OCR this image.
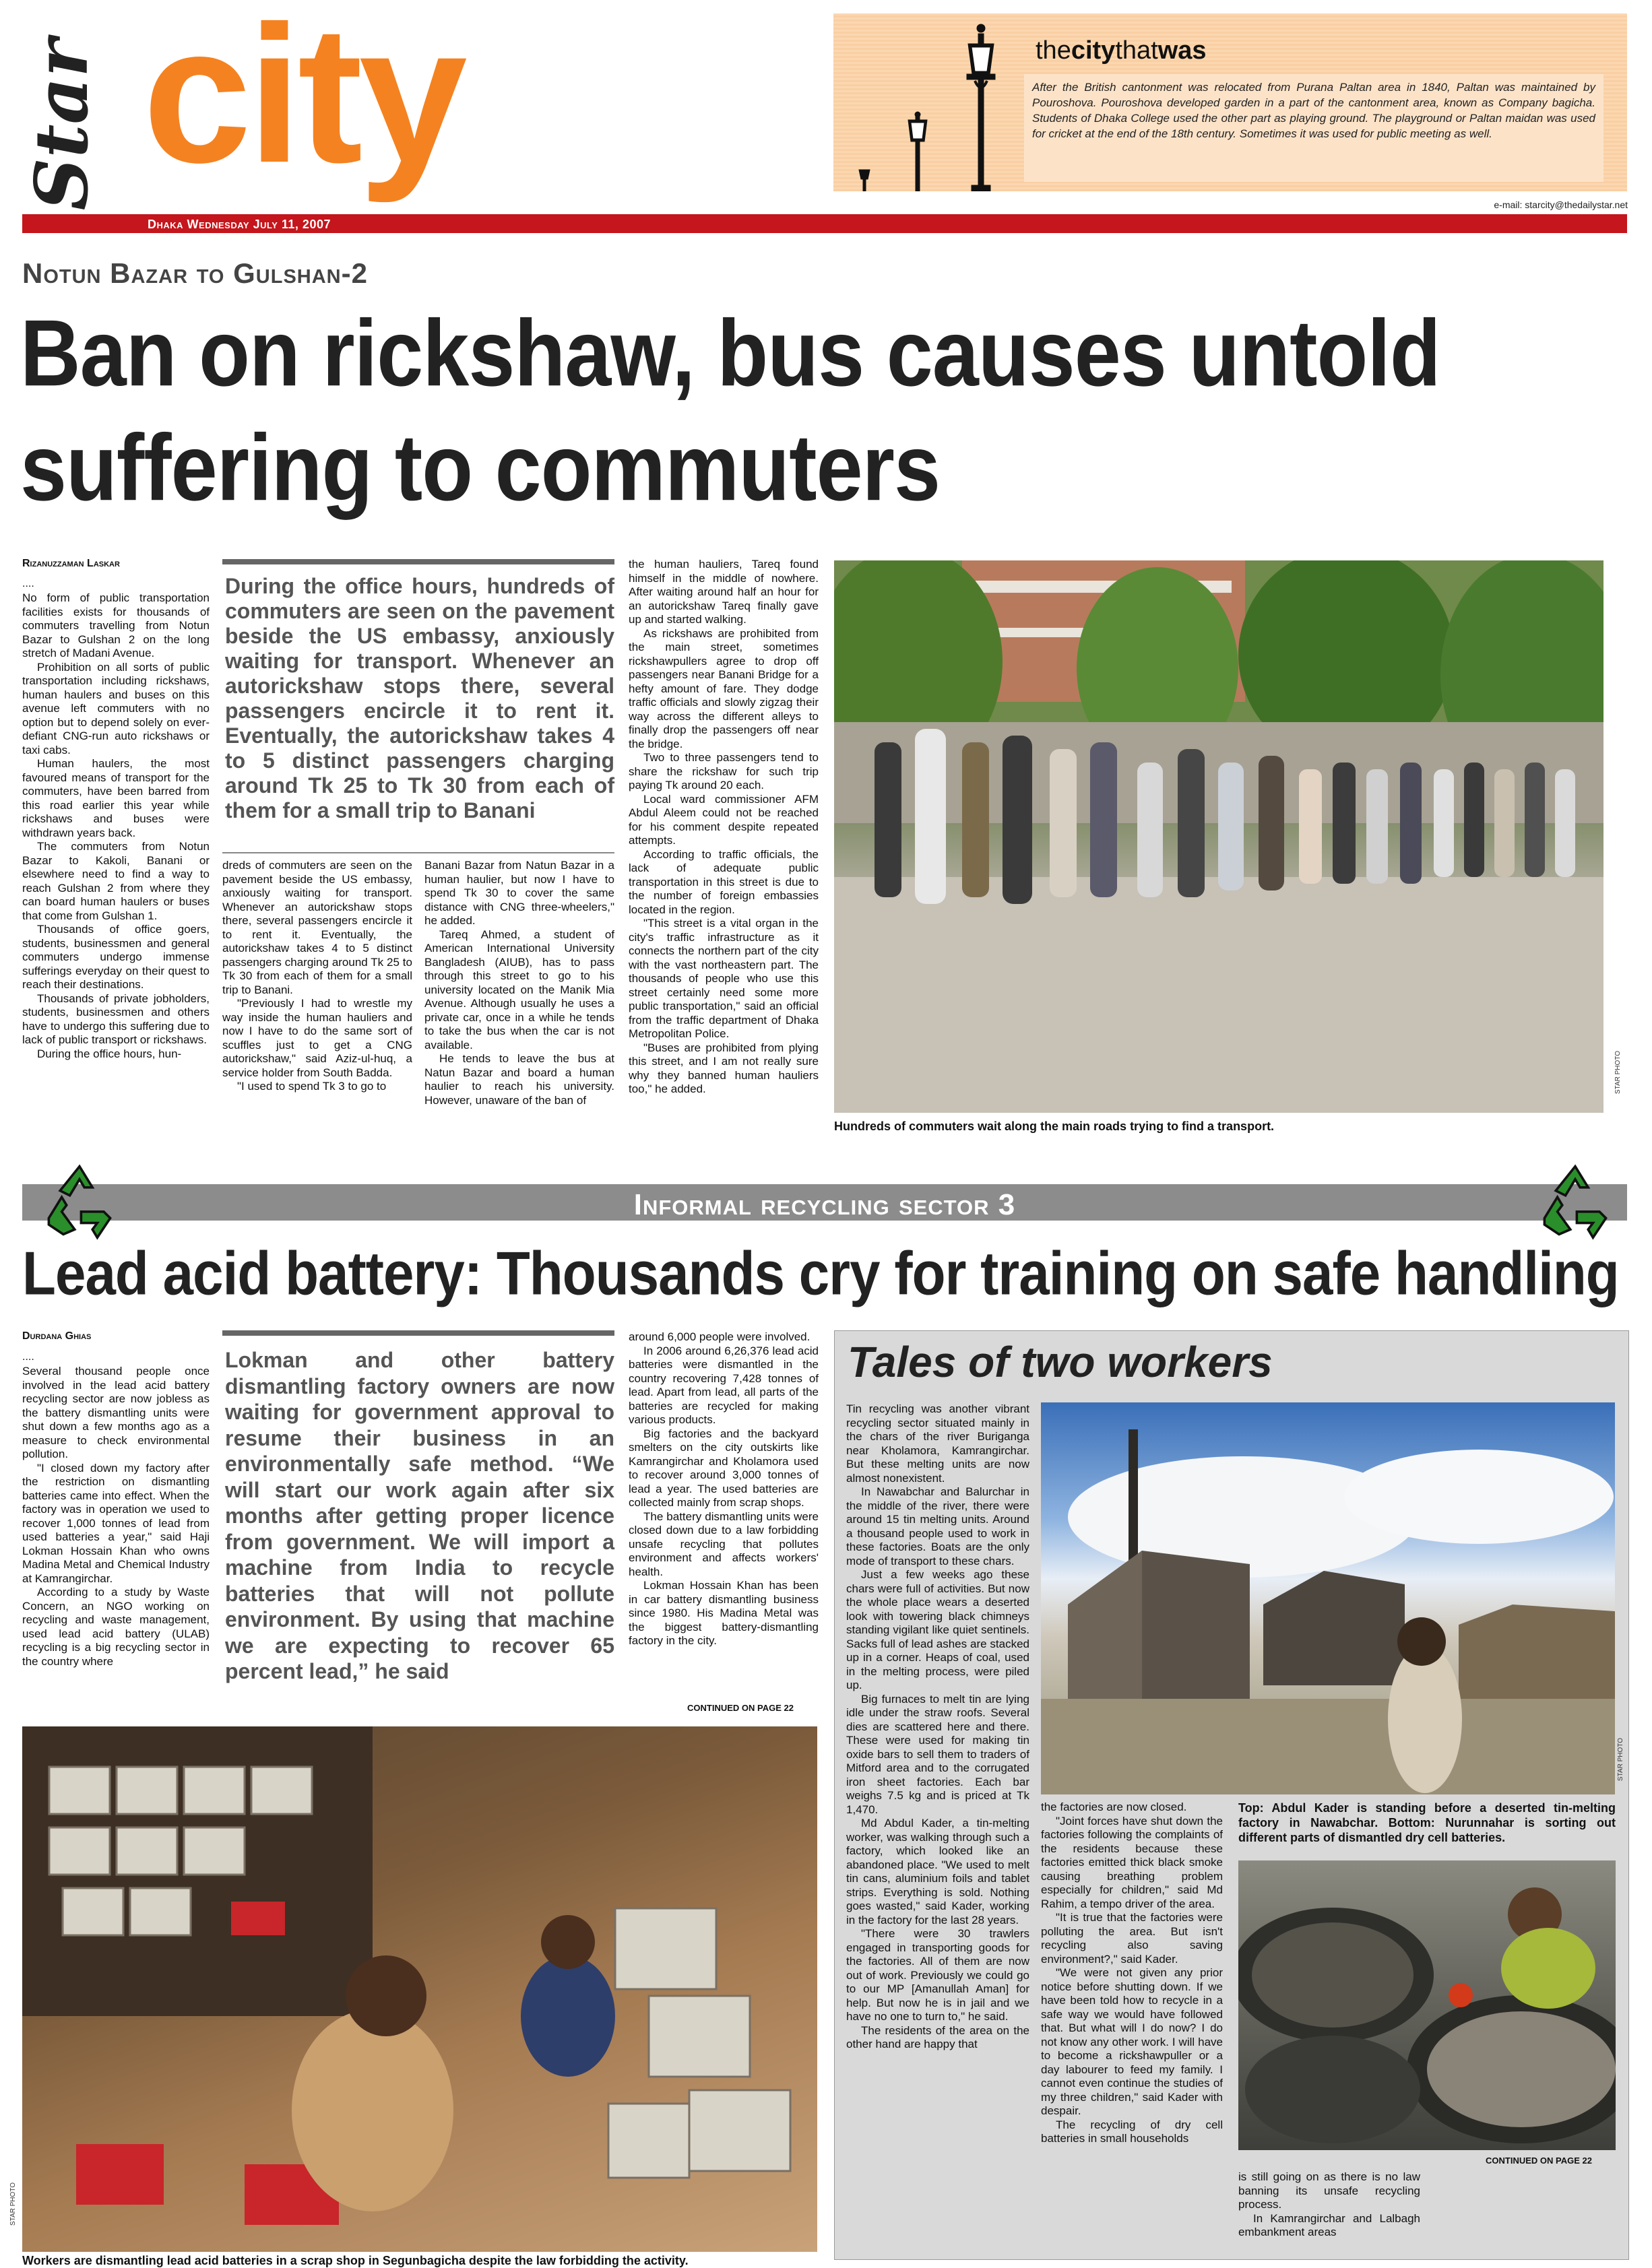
Star city	thecitythatwas
After the British cantonment was relocated from Purana Paltan area in 1840, Paltan was maintained by Pouroshova. Pouroshova developed garden in a part of the cantonment area, known as Company bagicha. Students of Dhaka College used the other part as playing ground. The playground or Paltan maidan was used for cricket at the end of the 18th century. Sometimes it was used for public meeting as well.
e-mail: starcity@thedailystar.net
Dhaka Wednesday July 11, 2007
Notun Bazar to Gulshan-2
Ban on rickshaw, bus causes untold
suffering to commuters
Rizanuzzaman Laskar
....

No form of public transportation facilities exists for thousands of commuters travelling from Notun Bazar to Gulshan 2 on the long stretch of Madani Avenue.

Prohibition on all sorts of public transportation including rickshaws, human haulers and buses on this avenue left commuters with no option but to depend solely on ever-defiant CNG-run auto rickshaws or taxi cabs.

Human haulers, the most favoured means of transport for the commuters, have been barred from this road earlier this year while rickshaws and buses were withdrawn years back.

The commuters from Notun Bazar to Kakoli, Banani or elsewhere need to find a way to reach Gulshan 2 from where they can board human haulers or buses that come from Gulshan 1.

Thousands of office goers, students, businessmen and general commuters undergo immense sufferings everyday on their quest to reach their destinations.

Thousands of private jobholders, students, businessmen and others have to undergo this suffering due to lack of public transport or rickshaws.

During the office hours, hun-

During the office hours, hundreds of commuters are seen on the pavement beside the US embassy, anxiously waiting for transport. Whenever an autorickshaw stops there, several passengers encircle it to rent it. Eventually, the autorickshaw takes 4 to 5 distinct passengers charging around Tk 25 to Tk 30 from each of them for a small trip to Banani

dreds of commuters are seen on the pavement beside the US embassy, anxiously waiting for transport. Whenever an autorickshaw stops there, several passengers encircle it to rent it. Eventually, the autorickshaw takes 4 to 5 distinct passengers charging around Tk 25 to Tk 30 from each of them for a small trip to Banani.

"Previously I had to wrestle my way inside the human hauliers and now I have to do the same sort of scuffles just to get a CNG autorickshaw," said Aziz-ul-huq, a service holder from South Badda.

"I used to spend Tk 3 to go to

Banani Bazar from Natun Bazar in a human haulier, but now I have to spend Tk 30 to cover the same distance with CNG three-wheelers," he added.

Tareq Ahmed, a student of American International University Bangladesh (AIUB), has to pass through this street to go to his university located on the Manik Mia Avenue. Although usually he uses a private car, once in a while he tends to take the bus when the car is not available.

He tends to leave the bus at Natun Bazar and board a human haulier to reach his university. However, unaware of the ban of

the human hauliers, Tareq found himself in the middle of nowhere. After waiting around half an hour for an autorickshaw Tareq finally gave up and started walking.

As rickshaws are prohibited from the main street, sometimes rickshawpullers agree to drop off passengers near Banani Bridge for a hefty amount of fare. They dodge traffic officials and slowly zigzag their way across the different alleys to finally drop the passengers off near the bridge.

Two to three passengers tend to share the rickshaw for such trip paying Tk around 20 each.

Local ward commissioner AFM Abdul Aleem could not be reached for his comment despite repeated attempts.

According to traffic officials, the lack of adequate public transportation in this street is due to the number of foreign embassies located in the region.

"This street is a vital organ in the city's traffic infrastructure as it connects the northern part of the city with the vast northeastern part. The thousands of people who use this street certainly need some more public transportation," said an official from the traffic department of Dhaka Metropolitan Police.

"Buses are prohibited from plying this street, and I am not really sure why they banned human hauliers too," he added.	STAR PHOTO
Hundreds of commuters wait along the main roads trying to find a transport.
Informal recycling sector 3
Lead acid battery: Thousands cry for training on safe handling
Durdana Ghias
....

Several thousand people once involved in the lead acid battery recycling sector are now jobless as the battery dismantling units were shut down a few months ago as a measure to check environmental pollution.

"I closed down my factory after the restriction on dismantling batteries came into effect. When the factory was in operation we used to recover 1,000 tonnes of lead from used batteries a year," said Haji Lokman Hossain Khan who owns Madina Metal and Chemical Industry at Kamrangirchar.

According to a study by Waste Concern, an NGO working on recycling and waste management, used lead acid battery (ULAB) recycling is a big recycling sector in the country where

Lokman and other battery dismantling factory owners are now waiting for government approval to resume their business in an environmentally safe method. “We will start our work again after six months after getting proper licence from government. We will import a machine from India to recycle batteries that will not pollute environment. By using that machine we are expecting to recover 65 percent lead,” he said

around 6,000 people were involved.

In 2006 around 6,26,376 lead acid batteries were dismantled in the country recovering 7,428 tonnes of lead. Apart from lead, all parts of the batteries are recycled for making various products.

Big factories and the backyard smelters on the city outskirts like Kamrangirchar and Kholamora used to recover around 3,000 tonnes of lead a year. The used batteries are collected mainly from scrap shops.

The battery dismantling units were closed down due to a law forbidding unsafe recycling that pollutes environment and affects workers' health.

Lokman Hossain Khan has been in car battery dismantling business since 1980. His Madina Metal was the biggest battery-dismantling factory in the city.

CONTINUED ON PAGE 22
STAR PHOTO
Workers are dismantling lead acid batteries in a scrap shop in Segunbagicha despite the law forbidding the activity.
Tales of two workers

Tin recycling was another vibrant recycling sector situated mainly in the chars of the river Buriganga near Kholamora, Kamrangirchar. But these melting units are now almost nonexistent.

In Nawabchar and Balurchar in the middle of the river, there were around 15 tin melting units. Around a thousand people used to work in these factories. Boats are the only mode of transport to these chars.

Just a few weeks ago these chars were full of activities. But now the whole place wears a deserted look with towering black chimneys standing vigilant like quiet sentinels. Sacks full of lead ashes are stacked up in a corner. Heaps of coal, used in the melting process, were piled up.

Big furnaces to melt tin are lying idle under the straw roofs. Several dies are scattered here and there. These were used for making tin oxide bars to sell them to traders of Mitford area and to the corrugated iron sheet factories. Each bar weighs 7.5 kg and is priced at Tk 1,470.

Md Abdul Kader, a tin-melting worker, was walking through such a factory, which looked like an abandoned place. "We used to melt tin cans, aluminium foils and tablet strips. Everything is sold. Nothing goes wasted," said Kader, working in the factory for the last 28 years.

"There were 30 trawlers engaged in transporting goods for the factories. All of them are now out of work. Previously we could go to our MP [Amanullah Aman] for help. But now he is in jail and we have no one to turn to," he said.

The residents of the area on the other hand are happy that

STAR PHOTO

the factories are now closed.

"Joint forces have shut down the factories following the complaints of the residents because these factories emitted thick black smoke causing breathing problem especially for children," said Md Rahim, a tempo driver of the area.

"It is true that the factories were polluting the area. But isn't recycling also saving environment?," said Kader.

"We were not given any prior notice before shutting down. If we have been told how to recycle in a safe way we would have followed that. But what will I do now? I do not know any other work. I will have to become a rickshawpuller or a day labourer to feed my family. I cannot even continue the studies of my three children," said Kader with despair.

The recycling of dry cell batteries in small households

Top: Abdul Kader is standing before a deserted tin-melting factory in Nawabchar. Bottom: Nurunnahar is sorting out different parts of dismantled dry cell batteries.
CONTINUED ON PAGE 22

is still going on as there is no law banning its unsafe recycling process.

In Kamrangirchar and Lalbagh embankment areas
